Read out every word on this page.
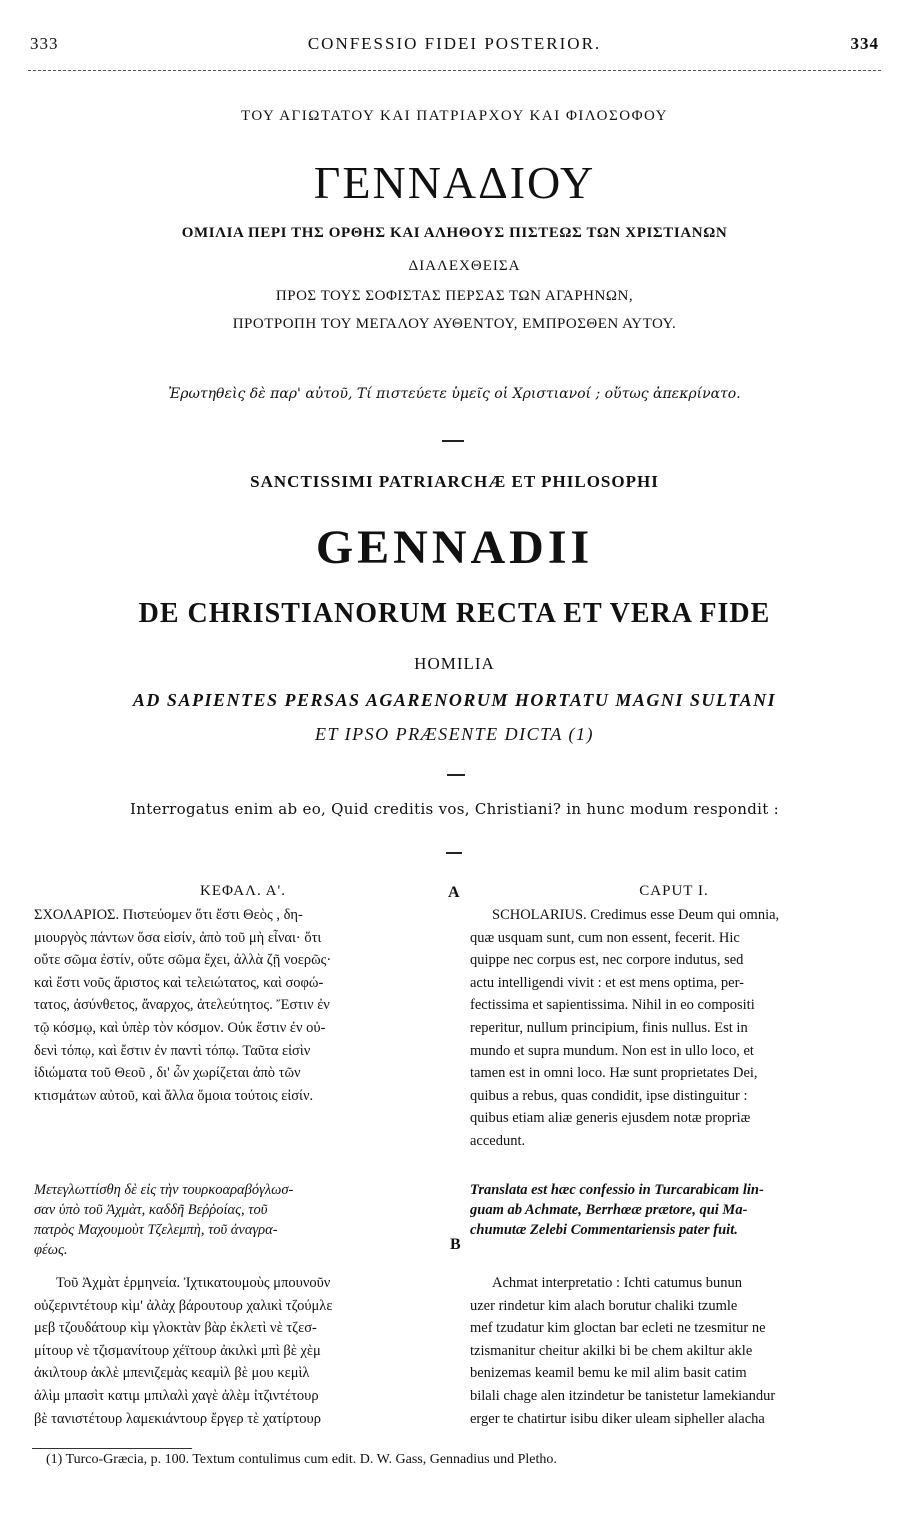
333	CONFESSIO FIDEI POSTERIOR.	334
ΤΟΥ ΑΓΙΩΤΑΤΟΥ ΚΑΙ ΠΑΤΡΙΑΡΧΟΥ ΚΑΙ ΦΙΛΟΣΟΦΟΥ
ΓΕΝΝΑΔΙΟΥ
ΟΜΙΛΙΑ ΠΕΡΙ ΤΗΣ ΟΡΘΗΣ ΚΑΙ ΑΛΗΘΟΥΣ ΠΙΣΤΕΩΣ ΤΩΝ ΧΡΙΣΤΙΑΝΩΝ
ΔΙΑΛΕΧΘΕΙΣΑ
ΠΡΟΣ ΤΟΥΣ ΣΟΦΙΣΤΑΣ ΠΕΡΣΑΣ ΤΩΝ ΑΓΑΡΗΝΩΝ,
ΠΡΟΤΡΟΠΗ ΤΟΥ ΜΕΓΑΛΟΥ ΑΥΘΕΝΤΟΥ, ΕΜΠΡΟΣΘΕΝ ΑΥΤΟΥ.
Ἐρωτηθεὶς δὲ παρ' αὐτοῦ, Τί πιστεύετε ὑμεῖς οἱ Χριστιανοί ; οὕτως ἀπεκρίνατο.
SANCTISSIMI PATRIARCHÆ ET PHILOSOPHI
GENNADII
DE CHRISTIANORUM RECTA ET VERA FIDE
HOMILIA
AD SAPIENTES PERSAS AGARENORUM HORTATU MAGNI SULTANI
ET IPSO PRÆSENTE DICTA (1)
Interrogatus enim ab eo, Quid creditis vos, Christiani? in hunc modum respondit :
A
B
ΚΕΦΑΛ. Α'.
ΣΧΟΛΑΡΙΟΣ. Πιστεύομεν ὅτι ἔστι Θεὸς , δη-
μιουργὸς πάντων ὅσα εἰσίν, ἀπὸ τοῦ μὴ εἶναι· ὅτι
οὔτε σῶμα ἐστίν, οὔτε σῶμα ἔχει, ἀλλὰ ζῇ νοερῶς·
καὶ ἔστι νοῦς ἄριστος καὶ τελειώτατος, καὶ σοφώ-
τατος, ἀσύνθετος, ἄναρχος, ἀτελεύτητος. Ἔστιν ἐν
τῷ κόσμῳ, καὶ ὑπὲρ τὸν κόσμον. Οὐκ ἔστιν ἐν οὐ-
δενὶ τόπῳ, καὶ ἔστιν ἐν παντὶ τόπῳ. Ταῦτα εἰσὶν
ἰδιώματα τοῦ Θεοῦ , δι' ὧν χωρίζεται ἀπὸ τῶν
κτισμάτων αὐτοῦ, καὶ ἄλλα ὅμοια τούτοις εἰσίν.
Μετεγλωττίσθη δὲ εἰς τὴν τουρκοαραβόγλωσ-
σαν ὑπὸ τοῦ Ἀχμὰτ, καδδῆ Βεῤῥοίας, τοῦ
πατρὸς Μαχουμοὺτ Τζελεμπὴ, τοῦ ἀναγρα-
φέως.
Τοῦ Ἀχμὰτ ἑρμηνεία. Ἰχτικατουμοὺς μπουνοῦν
οὐζεριντέτουρ κὶμ' ἀλὰχ βάρουτουρ χαλικὶ τζούμλε
μεβ τζουδάτουρ κὶμ γλοκτὰν βὰρ ἐκλετὶ νὲ τζεσ-
μίτουρ νὲ τζισμανίτουρ χέϊτουρ ἀκιλκὶ μπὶ βὲ χὲμ
ἀκιλτουρ ἀκλὲ μπενιζεμὰς κεαμὶλ βὲ μου κεμὶλ
ἀλὶμ μπασὶτ κατιμ μπιλαλὶ χαγὲ ἀλὲμ ἰτζιντέτουρ
βὲ τανιστέτουρ λαμεκιάντουρ ἔργερ τὲ χατίρτουρ
CAPUT I.
SCHOLARIUS. Credimus esse Deum qui omnia,
quæ usquam sunt, cum non essent, fecerit. Hic
quippe nec corpus est, nec corpore indutus, sed
actu intelligendi vivit : et est mens optima, per-
fectissima et sapientissima. Nihil in eo compositi
reperitur, nullum principium, finis nullus. Est in
mundo et supra mundum. Non est in ullo loco, et
tamen est in omni loco. Hæ sunt proprietates Dei,
quibus a rebus, quas condidit, ipse distinguitur :
quibus etiam aliæ generis ejusdem notæ propriæ
accedunt.
Translata est hæc confessio in Turcarabicam lin-
guam ab Achmate, Berrhœæ prætore, qui Ma-
chumutæ Zelebi Commentariensis pater fuit.
Achmat interpretatio : Ichti catumus bunun
uzer rindetur kim alach borutur chaliki tzumle
mef tzudatur kim gloctan bar ecleti ne tzesmitur ne
tzismanitur cheitur akilki bi be chem akiltur akle
benizemas keamil bemu ke mil alim basit catim
bilali chage alen itzindetur be tanistetur lamekiandur
erger te chatirtur isibu diker uleam sipheller alacha
(1) Turco-Græcia, p. 100. Textum contulimus cum edit. D. W. Gass, Gennadius und Pletho.
